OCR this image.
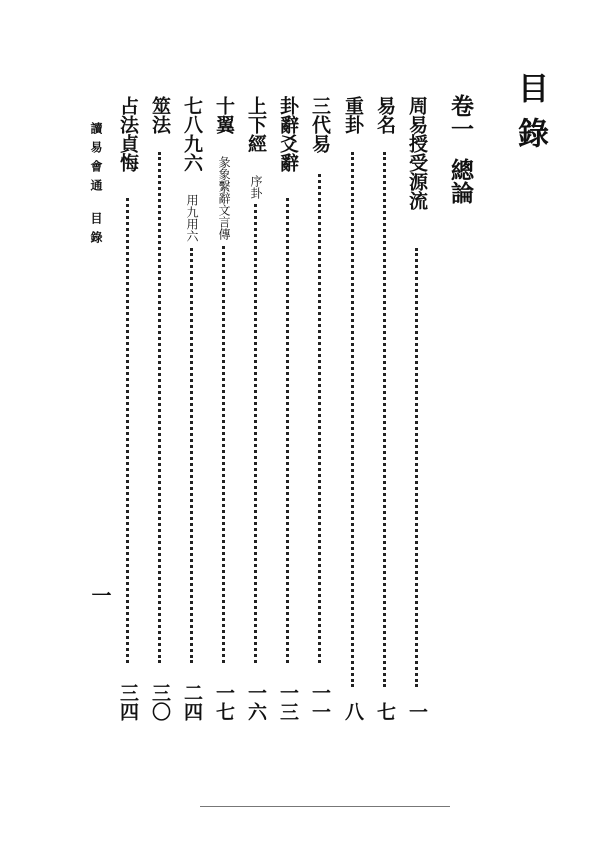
目錄
卷一總論
周易授受源流
一
易名
七
重卦
八
三代易
一一
卦辭爻辭
一三
上下經 序卦
一六
十翼 彖象繫辭文言傳
一七
七八九六 用九用六
二四
筮法
三〇
占法貞悔
三四
讀易會通目錄
一
